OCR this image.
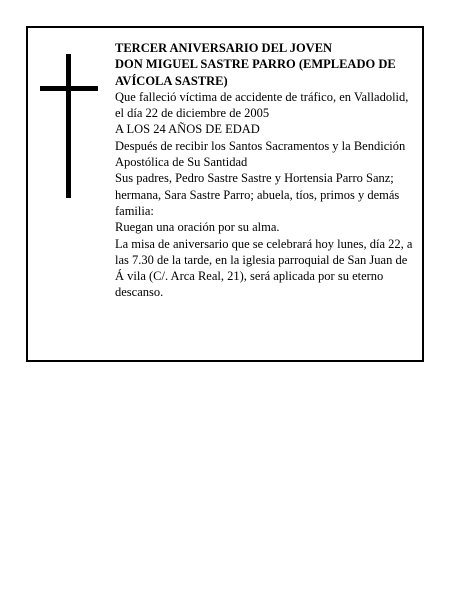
TERCER ANIVERSARIO DEL JOVEN

DON MIGUEL SASTRE PARRO (EMPLEADO DE AVÍCOLA SASTRE)

Que falleció víctima de accidente de tráfico, en Valladolid, el día 22 de diciembre de 2005

A LOS 24 AÑOS DE EDAD

Después de recibir los Santos Sacramentos y la Bendición Apostólica de Su Santidad

Sus padres, Pedro Sastre Sastre y Hortensia Parro Sanz; hermana, Sara Sastre Parro; abuela, tíos, primos y demás familia:

Ruegan una oración por su alma.

La misa de aniversario que se celebrará hoy lunes, día 22, a las 7.30 de la tarde, en la iglesia parroquial de San Juan de Á vila (C/. Arca Real, 21), será aplicada por su eterno descanso.
